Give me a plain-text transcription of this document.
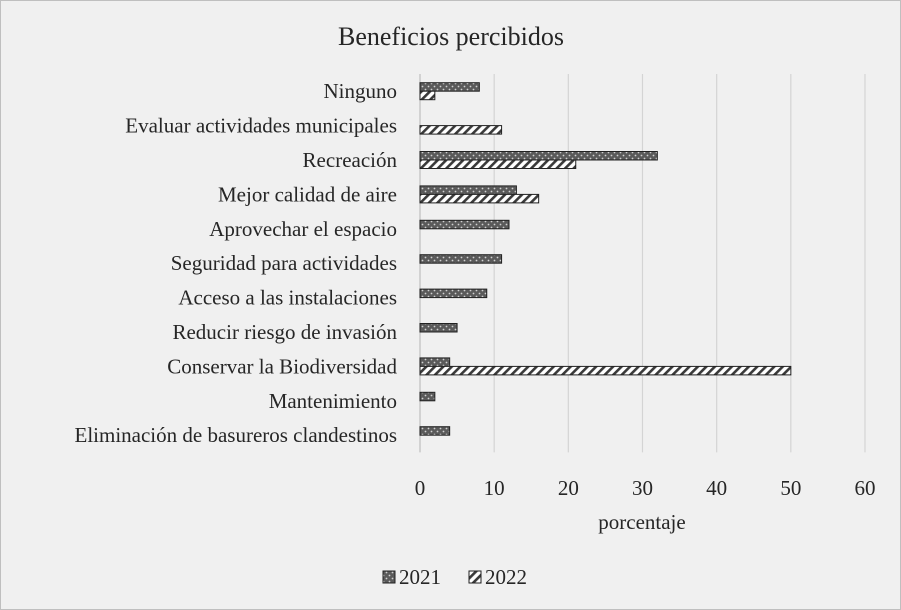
Beneficios percibidos
Ninguno
Evaluar actividades municipales
Recreación
Mejor calidad de aire
Aprovechar el espacio
Seguridad para actividades
Acceso a las instalaciones
Reducir riesgo de invasión
Conservar la Biodiversidad
Mantenimiento
Eliminación de basureros clandestinos
0	10	20	30	40	50	60
porcentaje
2021 2022
